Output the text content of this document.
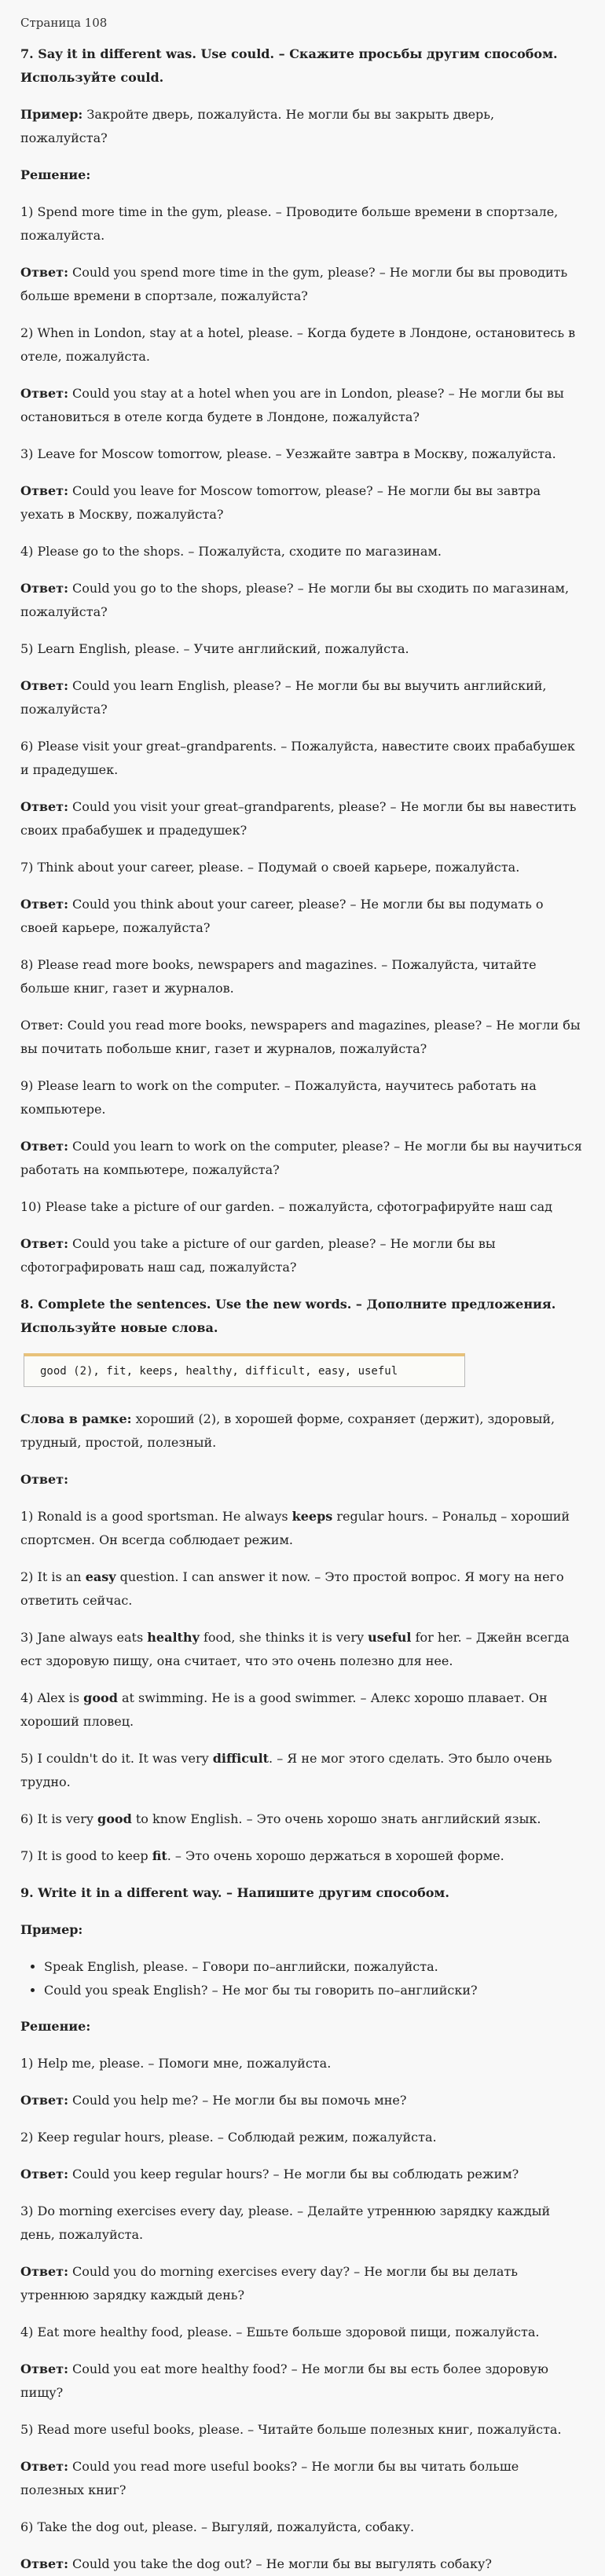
Страница 108

7. Say it in different was. Use could. – Скажите просьбы другим способом. Используйте could.

Пример: Закройте дверь, пожалуйста. Не могли бы вы закрыть дверь, пожалуйста?

Решение:

1) Spend more time in the gym, please. – Проводите больше времени в спортзале, пожалуйста.

Ответ: Could you spend more time in the gym, please? – Не могли бы вы проводить больше времени в спортзале, пожалуйста?

2) When in London, stay at a hotel, please. – Когда будете в Лондоне, остановитесь в отеле, пожалуйста.

Ответ: Could you stay at a hotel when you are in London, please? – Не могли бы вы остановиться в отеле когда будете в Лондоне, пожалуйста?

3) Leave for Moscow tomorrow, please. – Уезжайте завтра в Москву, пожалуйста.

Ответ: Could you leave for Moscow tomorrow, please? – Не могли бы вы завтра уехать в Москву, пожалуйста?

4) Please go to the shops. – Пожалуйста, сходите по магазинам.

Ответ: Could you go to the shops, please? – Не могли бы вы сходить по магазинам, пожалуйста?

5) Learn English, please. – Учите английский, пожалуйста.

Ответ: Could you learn English, please? – Не могли бы вы выучить английский, пожалуйста?

6) Please visit your great–grandparents. – Пожалуйста, навестите своих прабабушек и прадедушек.

Ответ: Could you visit your great–grandparents, please? – Не могли бы вы навестить своих прабабушек и прадедушек?

7) Think about your career, please. – Подумай о своей карьере, пожалуйста.

Ответ: Could you think about your career, please? – Не могли бы вы подумать о своей карьере, пожалуйста?

8) Please read more books, newspapers and magazines. – Пожалуйста, читайте больше книг, газет и журналов.

Ответ: Could you read more books, newspapers and magazines, please? – Не могли бы вы почитать побольше книг, газет и журналов, пожалуйста?

9) Please learn to work on the computer. – Пожалуйста, научитесь работать на компьютере.

Ответ: Could you learn to work on the computer, please? – Не могли бы вы научиться работать на компьютере, пожалуйста?

10) Please take a picture of our garden. – пожалуйста, сфотографируйте наш сад

Ответ: Could you take a picture of our garden, please? – Не могли бы вы сфотографировать наш сад, пожалуйста?

8. Complete the sentences. Use the new words. – Дополните предложения. Используйте новые слова.

good (2), fit, keeps, healthy, difficult, easy, useful

Слова в рамке: хороший (2), в хорошей форме, сохраняет (держит), здоровый, трудный, простой, полезный.

Ответ:

1) Ronald is a good sportsman. He always keeps regular hours. – Рональд – хороший спортсмен. Он всегда соблюдает режим.

2) It is an easy question. I can answer it now. – Это простой вопрос. Я могу на него ответить сейчас.

3) Jane always eats healthy food, she thinks it is very useful for her. – Джейн всегда ест здоровую пищу, она считает, что это очень полезно для нее.

4) Alex is good at swimming. He is a good swimmer. – Алекс хорошо плавает. Он хороший пловец.

5) I couldn't do it. It was very difficult. – Я не мог этого сделать. Это было очень трудно.

6) It is very good to know English. – Это очень хорошо знать английский язык.

7) It is good to keep fit. – Это очень хорошо держаться в хорошей форме.

9. Write it in a different way. – Напишите другим способом.

Пример:

• Speak English, please. – Говори по–английски, пожалуйста.
• Could you speak English? – Не мог бы ты говорить по–английски?

Решение:

1) Help me, please. – Помоги мне, пожалуйста.

Ответ: Could you help me? – Не могли бы вы помочь мне?

2) Keep regular hours, please. – Соблюдай режим, пожалуйста.

Ответ: Could you keep regular hours? – Не могли бы вы соблюдать режим?

3) Do morning exercises every day, please. – Делайте утреннюю зарядку каждый день, пожалуйста.

Ответ: Could you do morning exercises every day? – Не могли бы вы делать утреннюю зарядку каждый день?

4) Eat more healthy food, please. – Ешьте больше здоровой пищи, пожалуйста.

Ответ: Could you eat more healthy food? – Не могли бы вы есть более здоровую пищу?

5) Read more useful books, please. – Читайте больше полезных книг, пожалуйста.

Ответ: Could you read more useful books? – Не могли бы вы читать больше полезных книг?

6) Take the dog out, please. – Выгуляй, пожалуйста, собаку.

Ответ: Could you take the dog out? – Не могли бы вы выгулять собаку?
